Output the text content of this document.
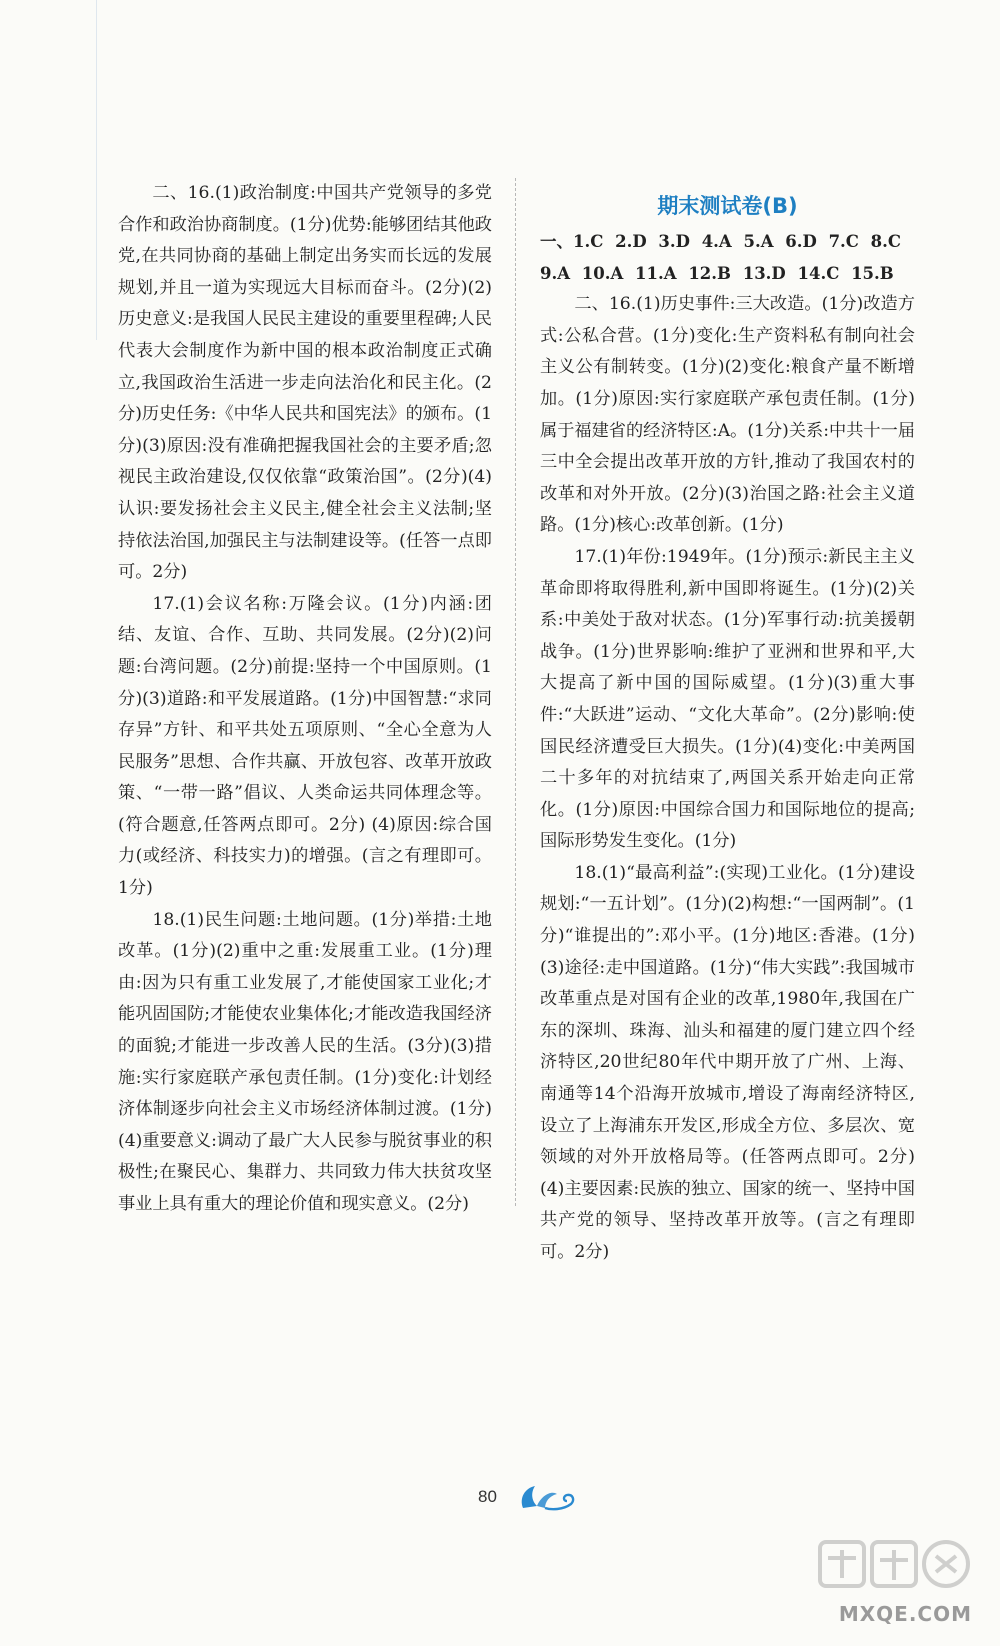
二、16.(1)政治制度:中国共产党领导的多党合作和政治协商制度。(1分)优势:能够团结其他政党,在共同协商的基础上制定出务实而长远的发展规划,并且一道为实现远大目标而奋斗。(2分)(2)历史意义:是我国人民民主建设的重要里程碑;人民代表大会制度作为新中国的根本政治制度正式确立,我国政治生活进一步走向法治化和民主化。(2分)历史任务:《中华人民共和国宪法》的颁布。(1分)(3)原因:没有准确把握我国社会的主要矛盾;忽视民主政治建设,仅仅依靠“政策治国”。(2分)(4)认识:要发扬社会主义民主,健全社会主义法制;坚持依法治国,加强民主与法制建设等。(任答一点即可。2分)

17.(1)会议名称:万隆会议。(1分)内涵:团结、友谊、合作、互助、共同发展。(2分)(2)问题:台湾问题。(2分)前提:坚持一个中国原则。(1分)(3)道路:和平发展道路。(1分)中国智慧:“求同存异”方针、和平共处五项原则、“全心全意为人民服务”思想、合作共赢、开放包容、改革开放政策、“一带一路”倡议、人类命运共同体理念等。(符合题意,任答两点即可。2分) (4)原因:综合国力(或经济、科技实力)的增强。(言之有理即可。1分)

18.(1)民生问题:土地问题。(1分)举措:土地改革。(1分)(2)重中之重:发展重工业。(1分)理由:因为只有重工业发展了,才能使国家工业化;才能巩固国防;才能使农业集体化;才能改造我国经济的面貌;才能进一步改善人民的生活。(3分)(3)措施:实行家庭联产承包责任制。(1分)变化:计划经济体制逐步向社会主义市场经济体制过渡。(1分)(4)重要意义:调动了最广大人民参与脱贫事业的积极性;在聚民心、集群力、共同致力伟大扶贫攻坚事业上具有重大的理论价值和现实意义。(2分)

期末测试卷(B)
一、1.C 2.D 3.D 4.A 5.A 6.D 7.C 8.C
9.A 10.A 11.A 12.B 13.D 14.C 15.B

二、16.(1)历史事件:三大改造。(1分)改造方式:公私合营。(1分)变化:生产资料私有制向社会主义公有制转变。(1分)(2)变化:粮食产量不断增加。(1分)原因:实行家庭联产承包责任制。(1分)属于福建省的经济特区:A。(1分)关系:中共十一届三中全会提出改革开放的方针,推动了我国农村的改革和对外开放。(2分)(3)治国之路:社会主义道路。(1分)核心:改革创新。(1分)

17.(1)年份:1949年。(1分)预示:新民主主义革命即将取得胜利,新中国即将诞生。(1分)(2)关系:中美处于敌对状态。(1分)军事行动:抗美援朝战争。(1分)世界影响:维护了亚洲和世界和平,大大提高了新中国的国际威望。(1分)(3)重大事件:“大跃进”运动、“文化大革命”。(2分)影响:使国民经济遭受巨大损失。(1分)(4)变化:中美两国二十多年的对抗结束了,两国关系开始走向正常化。(1分)原因:中国综合国力和国际地位的提高;国际形势发生变化。(1分)

18.(1)“最高利益”:(实现)工业化。(1分)建设规划:“一五计划”。(1分)(2)构想:“一国两制”。(1分)“谁提出的”:邓小平。(1分)地区:香港。(1分)(3)途径:走中国道路。(1分)“伟大实践”:我国城市改革重点是对国有企业的改革,1980年,我国在广东的深圳、珠海、汕头和福建的厦门建立四个经济特区,20世纪80年代中期开放了广州、上海、南通等14个沿海开放城市,增设了海南经济特区,设立了上海浦东开发区,形成全方位、多层次、宽领域的对外开放格局等。(任答两点即可。2分)(4)主要因素:民族的独立、国家的统一、坚持中国共产党的领导、坚持改革开放等。(言之有理即可。2分)

80
MXQE.COM
